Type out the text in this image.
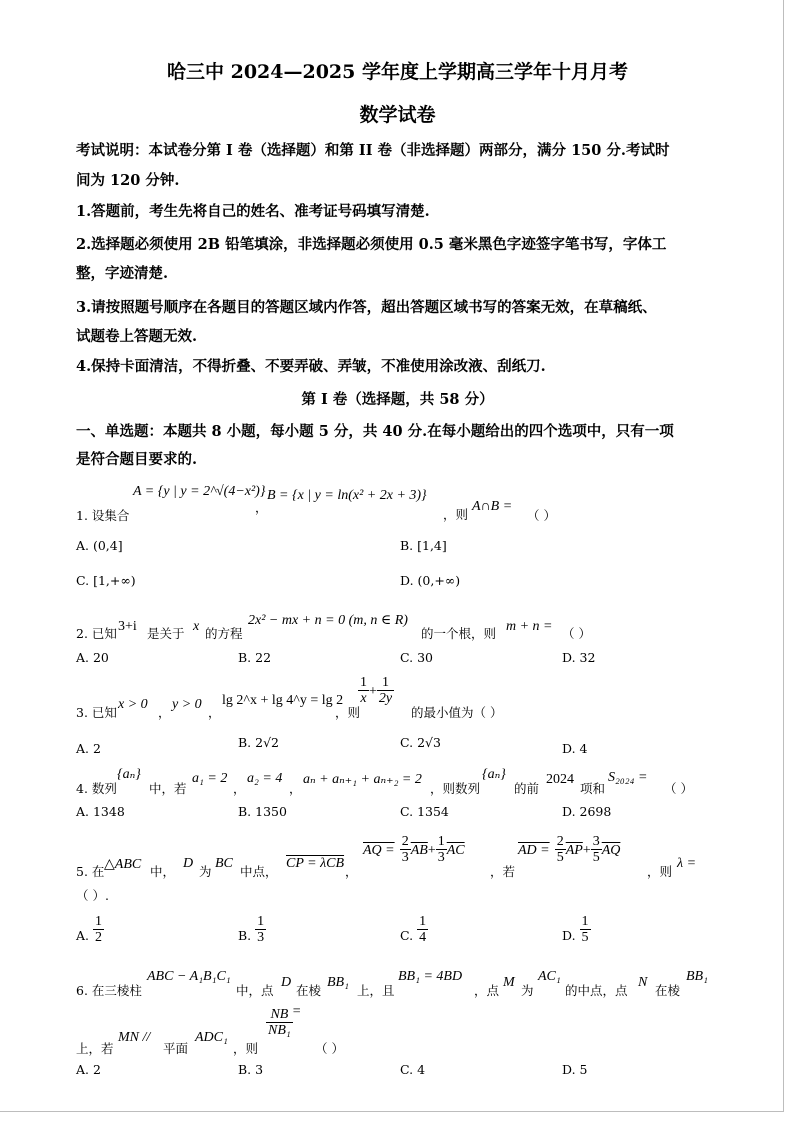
哈三中 2024—2025 学年度上学期高三学年十月月考
数学试卷
考试说明：本试卷分第 I 卷（选择题）和第 II 卷（非选择题）两部分，满分 150 分.考试时
间为 120 分钟.
1.答题前，考生先将自己的姓名、准考证号码填写清楚.
2.选择题必须使用 2B 铅笔填涂，非选择题必须使用 0.5 毫米黑色字迹签字笔书写，字体工
整，字迹清楚.
3.请按照题号顺序在各题目的答题区域内作答，超出答题区域书写的答案无效，在草稿纸、
试题卷上答题无效.
4.保持卡面清洁，不得折叠、不要弄破、弄皱，不准使用涂改液、刮纸刀.
第 I 卷（选择题，共 58 分）
一、单选题：本题共 8 小题，每小题 5 分，共 40 分.在每小题给出的四个选项中，只有一项
是符合题目要求的.
1. 设集合
A = {y | y = 2^√(4−x²)}
，
B = {x | y = ln(x² + 2x + 3)}
，则
A∩B =
（ ）
A. (0,4]	B. [1,4]
C. [1,+∞)	D. (0,+∞)
2. 已知 3+i 是关于 x 的方程
2x² − mx + n = 0 (m, n ∈ R)
的一个根，则 m + n = （ ）
A. 20	B. 22	C. 30	D. 32
3. 已知
x > 0
，
y > 0
，
lg 2^x + lg 4^y = lg 2
，则
$\frac{1}{x} + \frac{1}{2y}$
的最小值为（ ）
A. 2	B. 2√2	C. 2√3	D. 4
4. 数列
{aₙ}
中，若
a₁ = 2
，
a₂ = 4
，
aₙ + aₙ₊₁ + aₙ₊₂ = 2
，则数列
{aₙ}
的前
2024
项和
S₂₀₂₄ =
（ ）
A. 1348	B. 1350	C. 1354	D. 2698
5. 在 △ABC 中，
D
为
BC
中点，
CP = λCB
，
AQ = $\frac{2}{3} \overline{AB}+ \frac{1}{3} \overline{AC}$
，若
AD = $\frac{2}{5} \overline{AP}+ \frac{3}{5} \overline{AQ}$
，则
λ =
（ ）.
A. $\frac{1}{2}$	B. $\frac{1}{3}$	C. $\frac{1}{4}$	D. $\frac{1}{5}$
6. 在三棱柱
ABC − A₁B₁C₁
中，点
D
在棱
BB₁
上，且
BB₁ = 4BD
，点
M
为
AC₁
的中点，点
N
在棱
BB₁
上，若
MN //
平面
ADC₁
，则
$\frac{NB}{\text{NB₁}}$ =
（ ）
A. 2	B. 3	C. 4	D. 5
